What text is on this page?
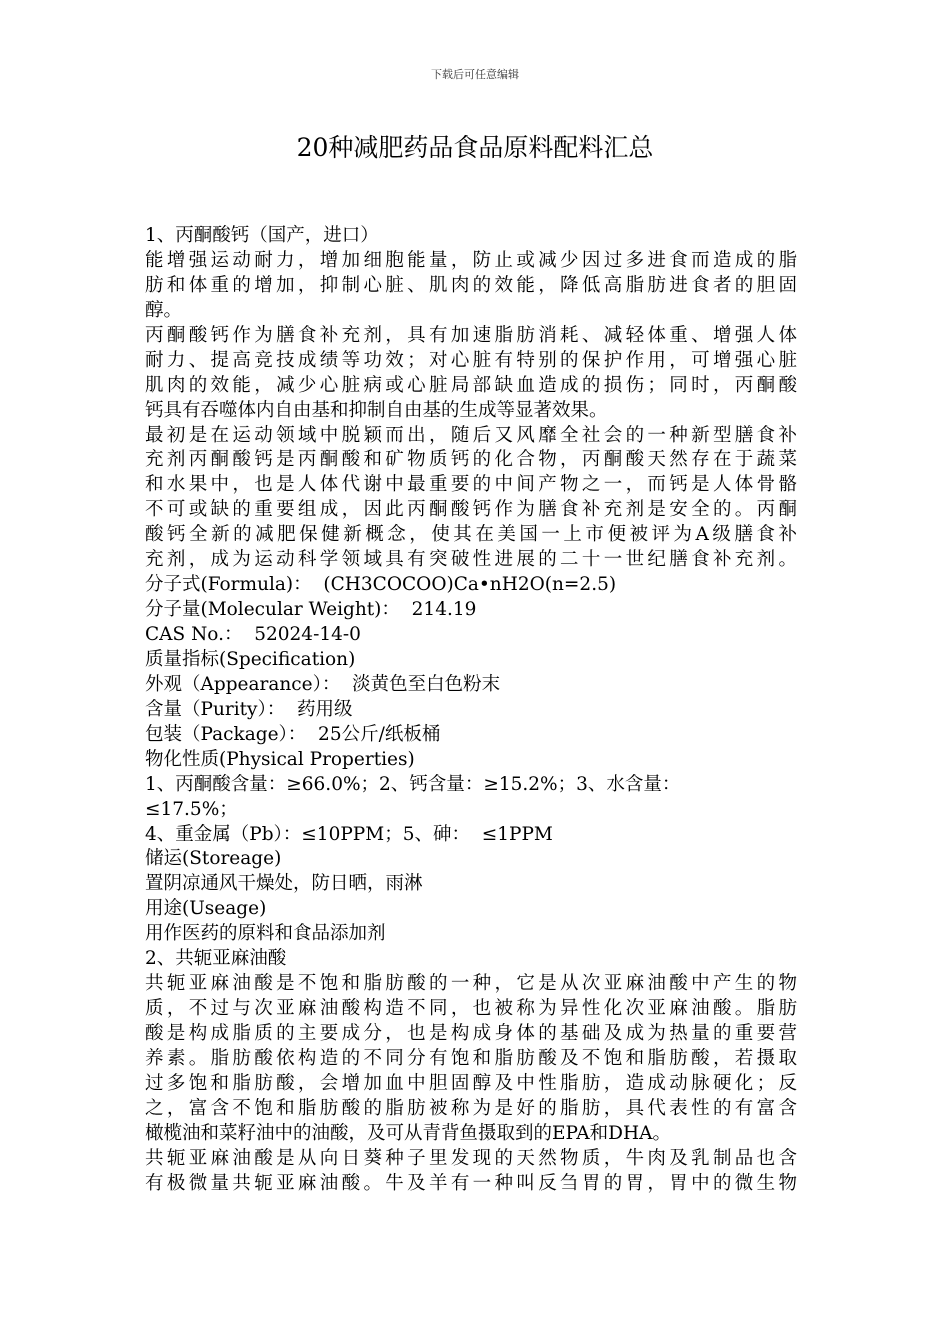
下载后可任意编辑
20种减肥药品食品原料配料汇总
1、丙酮酸钙（国产，进口）
能增强运动耐力，增加细胞能量，防止或减少因过多进食而造成的脂
肪和体重的增加，抑制心脏、肌肉的效能，降低高脂肪进食者的胆固
醇。
丙酮酸钙作为膳食补充剂，具有加速脂肪消耗、减轻体重、增强人体
耐力、提高竞技成绩等功效；对心脏有特别的保护作用，可增强心脏
肌肉的效能，减少心脏病或心脏局部缺血造成的损伤；同时，丙酮酸
钙具有吞噬体内自由基和抑制自由基的生成等显著效果。
最初是在运动领域中脱颖而出，随后又风靡全社会的一种新型膳食补
充剂丙酮酸钙是丙酮酸和矿物质钙的化合物，丙酮酸天然存在于蔬菜
和水果中，也是人体代谢中最重要的中间产物之一，而钙是人体骨骼
不可或缺的重要组成，因此丙酮酸钙作为膳食补充剂是安全的。丙酮
酸钙全新的减肥保健新概念，使其在美国一上市便被评为A级膳食补
充剂，成为运动科学领域具有突破性进展的二十一世纪膳食补充剂。
分子式(Formula)：  (CH3COCOO)Ca•nH2O(n=2.5)
分子量(Molecular Weight)：  214.19
CAS No.：  52024-14-0
质量指标(Specification)
外观（Appearance）：  淡黄色至白色粉末
含量（Purity）：  药用级
包装（Package）：  25公斤/纸板桶
物化性质(Physical Properties)
1、丙酮酸含量：≥66.0%；2、钙含量：≥15.2%；3、水含量：
≤17.5%；
4、重金属（Pb）：≤10PPM；5、砷：  ≤1PPM
储运(Storeage)
置阴凉通风干燥处，防日晒，雨淋
用途(Useage)
用作医药的原料和食品添加剂
2、共轭亚麻油酸
共轭亚麻油酸是不饱和脂肪酸的一种，它是从次亚麻油酸中产生的物
质，不过与次亚麻油酸构造不同，也被称为异性化次亚麻油酸。脂肪
酸是构成脂质的主要成分，也是构成身体的基础及成为热量的重要营
养素。脂肪酸依构造的不同分有饱和脂肪酸及不饱和脂肪酸，若摄取
过多饱和脂肪酸，会增加血中胆固醇及中性脂肪，造成动脉硬化；反
之，富含不饱和脂肪酸的脂肪被称为是好的脂肪，具代表性的有富含
橄榄油和菜籽油中的油酸，及可从青背鱼摄取到的EPA和DHA。
共轭亚麻油酸是从向日葵种子里发现的天然物质，牛肉及乳制品也含
有极微量共轭亚麻油酸。牛及羊有一种叫反刍胃的胃，胃中的微生物
